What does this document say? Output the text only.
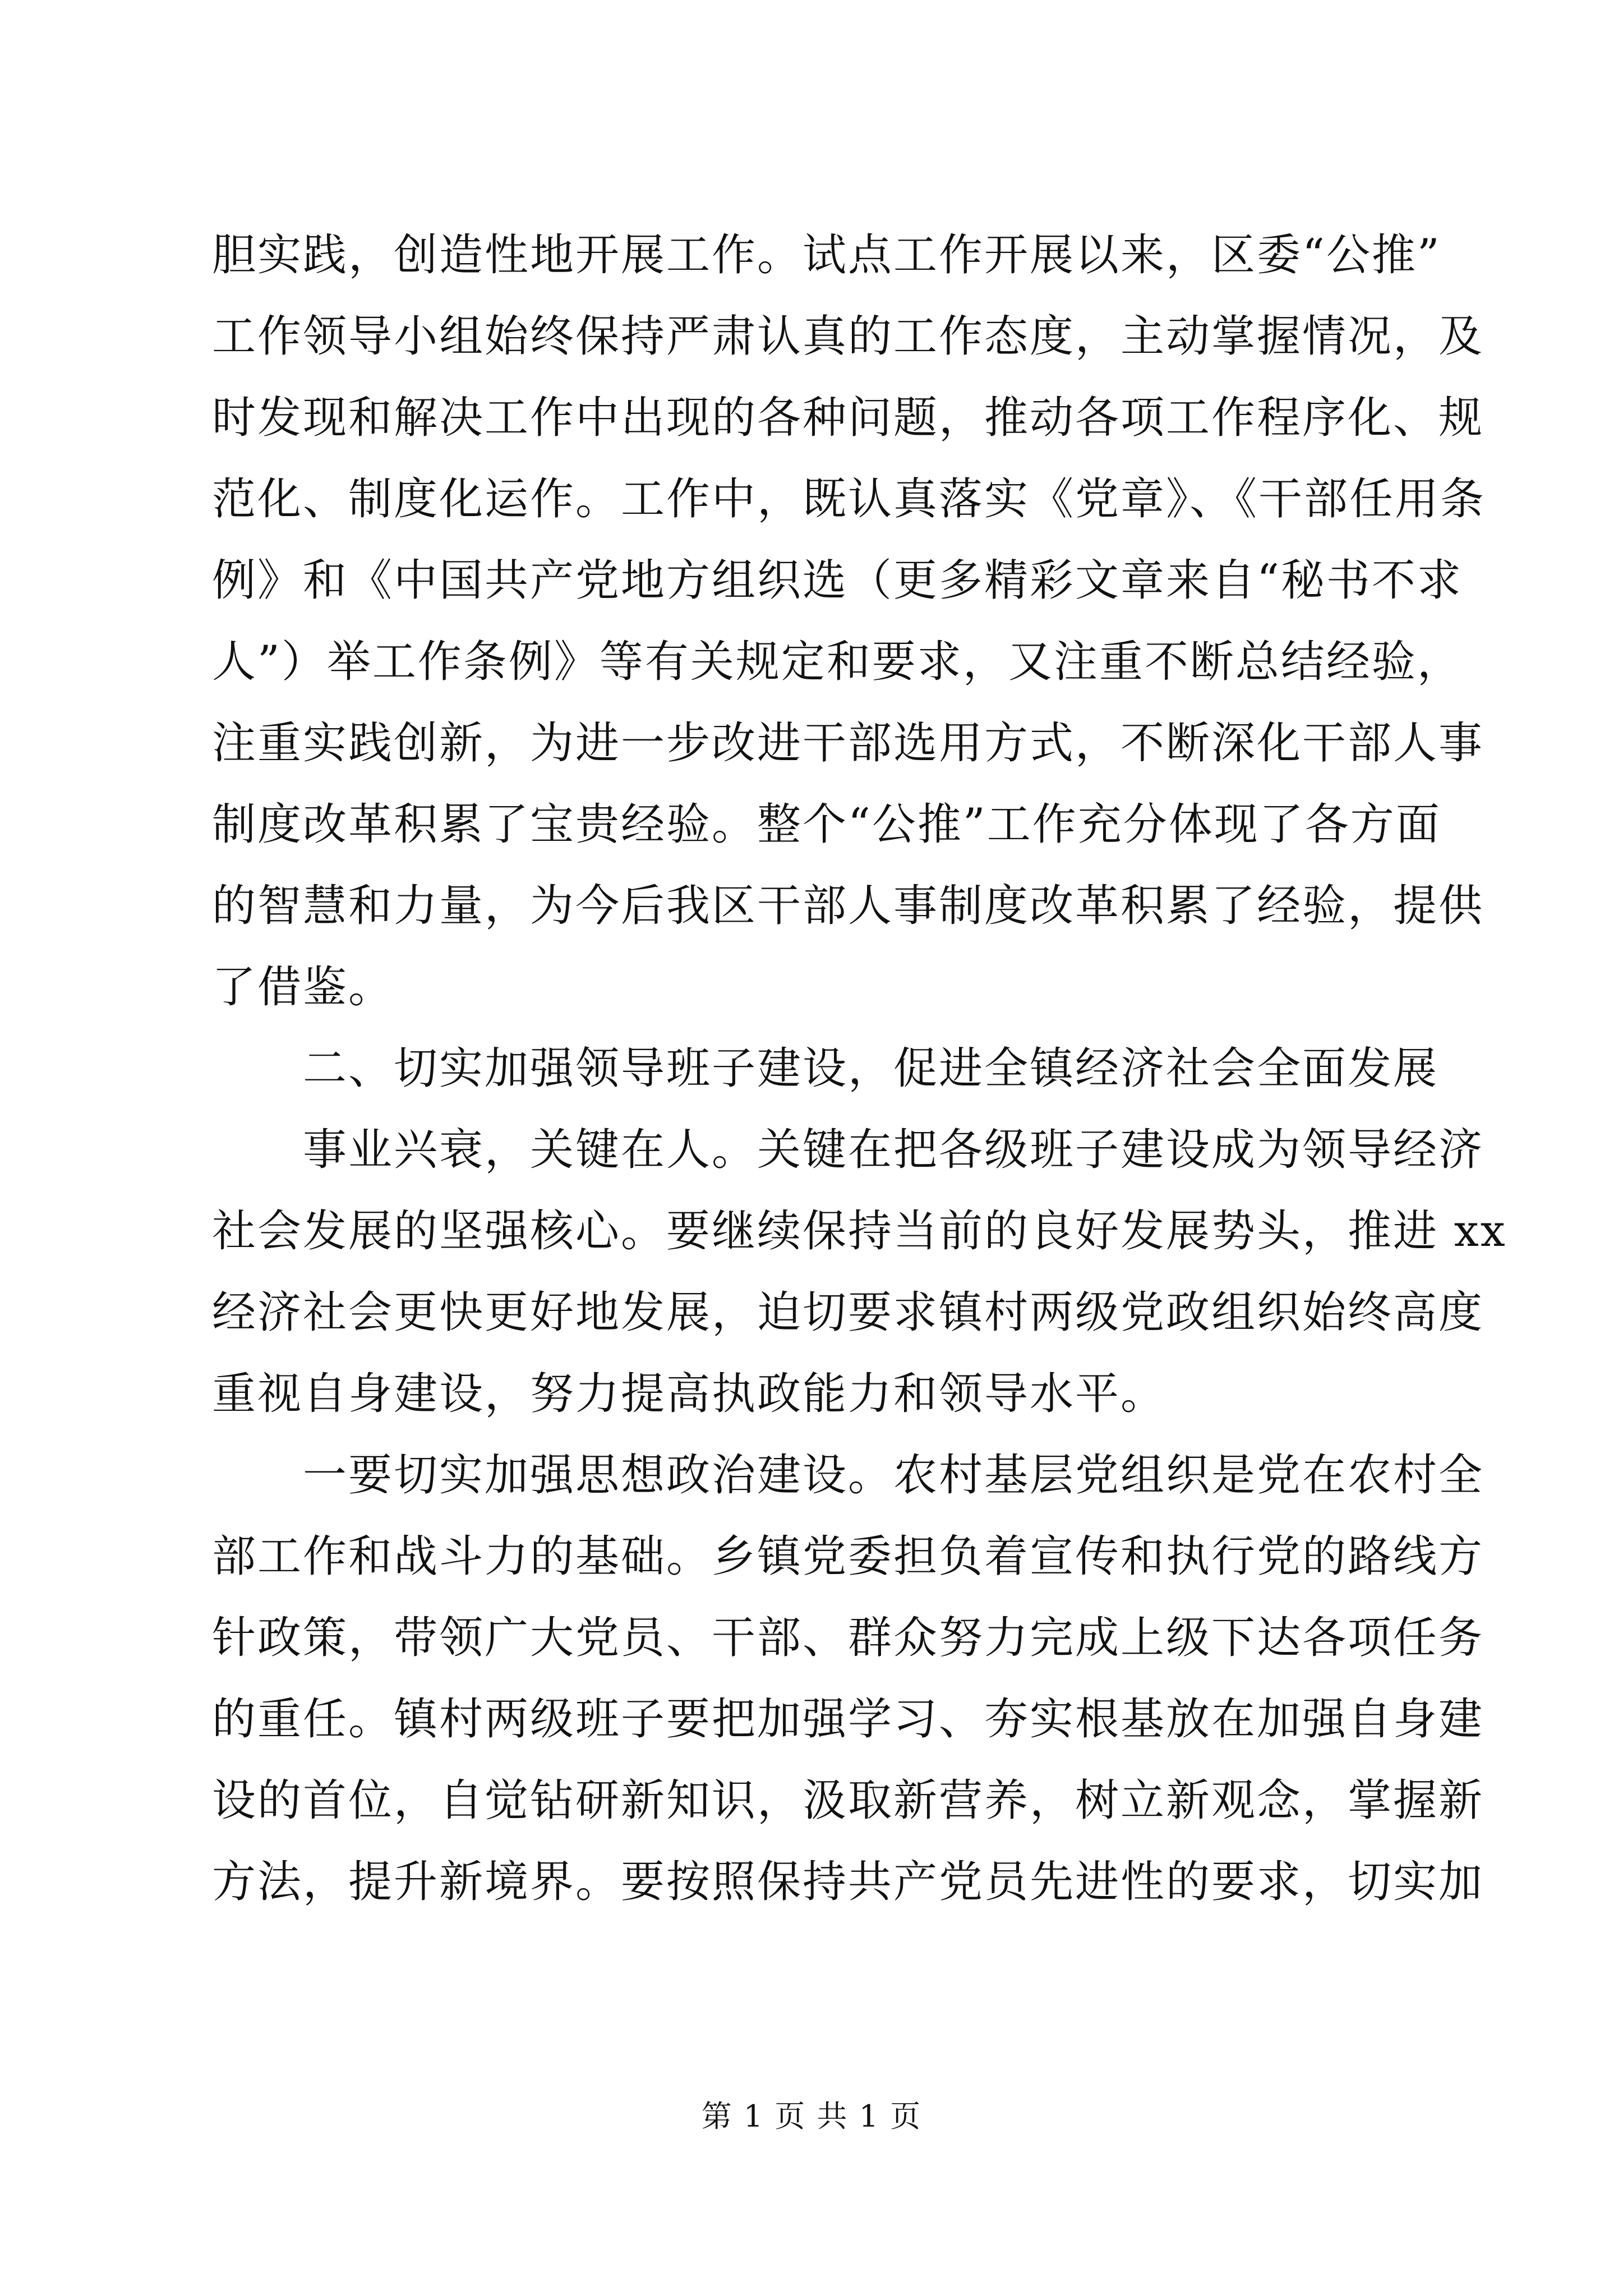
胆实践，创造性地开展工作。试点工作开展以来，区委“公推”
工作领导小组始终保持严肃认真的工作态度，主动掌握情况，及
时发现和解决工作中出现的各种问题，推动各项工作程序化、规
范化、制度化运作。工作中，既认真落实《党章》、《干部任用条
例》和《中国共产党地方组织选（更多精彩文章来自“秘书不求
人”）举工作条例》等有关规定和要求，又注重不断总结经验，
注重实践创新，为进一步改进干部选用方式，不断深化干部人事
制度改革积累了宝贵经验。整个“公推”工作充分体现了各方面
的智慧和力量，为今后我区干部人事制度改革积累了经验，提供
了借鉴。
　　二、切实加强领导班子建设，促进全镇经济社会全面发展
　　事业兴衰，关键在人。关键在把各级班子建设成为领导经济
社会发展的坚强核心。要继续保持当前的良好发展势头，推进 xx
经济社会更快更好地发展，迫切要求镇村两级党政组织始终高度
重视自身建设，努力提高执政能力和领导水平。
　　一要切实加强思想政治建设。农村基层党组织是党在农村全
部工作和战斗力的基础。乡镇党委担负着宣传和执行党的路线方
针政策，带领广大党员、干部、群众努力完成上级下达各项任务
的重任。镇村两级班子要把加强学习、夯实根基放在加强自身建
设的首位，自觉钻研新知识，汲取新营养，树立新观念，掌握新
方法，提升新境界。要按照保持共产党员先进性的要求，切实加
第 1 页 共 1 页
